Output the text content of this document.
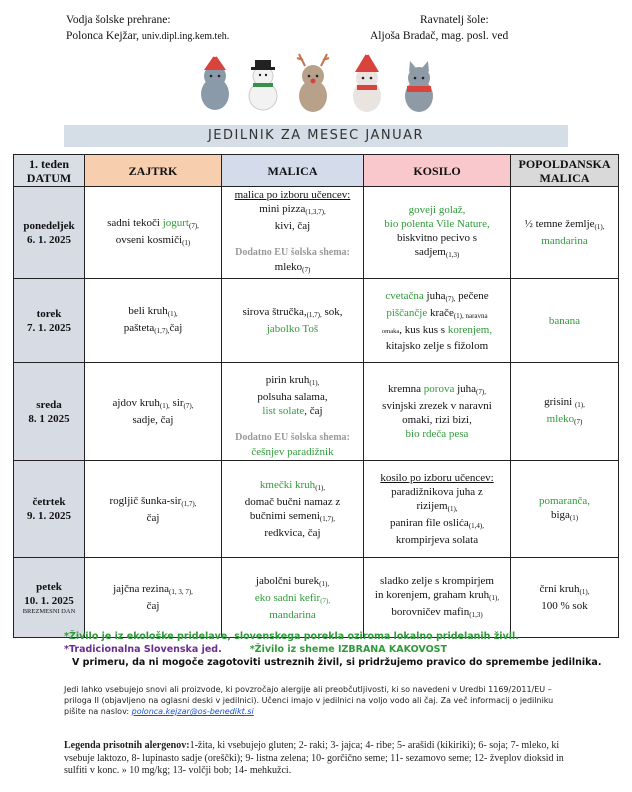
Vodja šolske prehrane:
Polonca Kejžar, univ.dipl.ing.kem.teh.
Ravnatelj šole:
Aljoša Bradač, mag. posl. ved
JEDILNIK ZA MESEC JANUAR
1. teden
DATUM	ZAJTRK	MALICA	KOSILO	POPOLDANSKA
MALICA
ponedeljek
6. 1. 2025	sadni tekoči jogurt$_{(7),}$
ovseni kosmiči$_{(1)}$	malica po izboru učencev:
mini pizza$_{(1,3,7),}$
kivi, čaj

Dodatno EU šolska shema:
mleko$_{(7)}$	goveji golaž,
bio polenta Vile Nature,
biskvitno pecivo s
sadjem$_{(1,3)}$	½ temne žemlje$_{(1),}$
mandarina
torek
7. 1. 2025	beli kruh$_{(1),}$
pašteta$_{(1,7),}$čaj	sirova $štručka,_{(1,7),}$ sok,
jabolko Toš	cvetačna juha$_{(7),}$ pečene
piščančje krače$_{(1), naravna}$
omaka, kus kus s korenjem,
kitajsko zelje s fižolom	banana
sreda
8. 1 2025	ajdov kruh$_{(1),}$ sir$_{(7),}$
sadje, čaj	pirin kruh$_{(1),}$
polsuha salama,
list solate, čaj

Dodatno EU šolska shema:
češnjev paradižnik	kremna porova juha$_{(7),}$
svinjski zrezek v naravni
omaki, rizi bizi,
bio rdeča pesa	grisini $_{(1),}$
mleko$_{(7)}$
četrtek
9. 1. 2025	rogljič šunka-sir$_{(1,7),}$
čaj	kmečki kruh$_{(1),}$
domač bučni namaz z
bučnimi semeni$_{(1,7),}$
redkvica, čaj	kosilo po izboru učencev:
paradižnikova juha z
rizijem$_{(1),}$
paniran file oslića$_{(1,4),}$
krompirjeva solata	pomaranča,
biga$_{(1)}$
petek
10. 1. 2025
BREZMESNI DAN	jajčna rezina$_{(1, 3, 7),}$
čaj	jabolčni burek$_{(1),}$
eko sadni kefir$_{(7),}$
mandarina	sladko zelje s krompirjem
in korenjem, graham kruh$_{(1),}$
borovničev mafin$_{(1,3)}$	črni kruh$_{(1),}$
100 % sok
*Živilo je iz ekološke pridelave, slovenskega porekla oziroma lokalno pridelanih živil.
*Tradicionalna Slovenska jed.	*Živilo iz sheme IZBRANA KAKOVOST
V primeru, da ni mogoče zagotoviti ustreznih živil, si pridržujemo pravico do spremembe jedilnika.
Jedi lahko vsebujejo snovi ali proizvode, ki povzročajo alergije ali preobčutljivosti, ki so navedeni v Uredbi 1169/2011/EU – priloga II (objavljeno na oglasni deski v jedilnici). Učenci imajo v jedilnici na voljo vodo ali čaj. Za več informacij o jedilniku pišite na naslov: polonca.kejzar@os-benedikt.si
Legenda prisotnih alergenov:1-žita, ki vsebujejo gluten; 2- raki; 3- jajca; 4- ribe; 5- arašidi (kikiriki); 6- soja; 7- mleko, ki vsebuje laktozo, 8- lupinasto sadje (oreščki); 9- listna zelena; 10- gorčično seme; 11- sezamovo seme; 12- žveplov dioksid in sulfiti v konc. » 10 mg/kg; 13- volčji bob; 14- mehkužci.
